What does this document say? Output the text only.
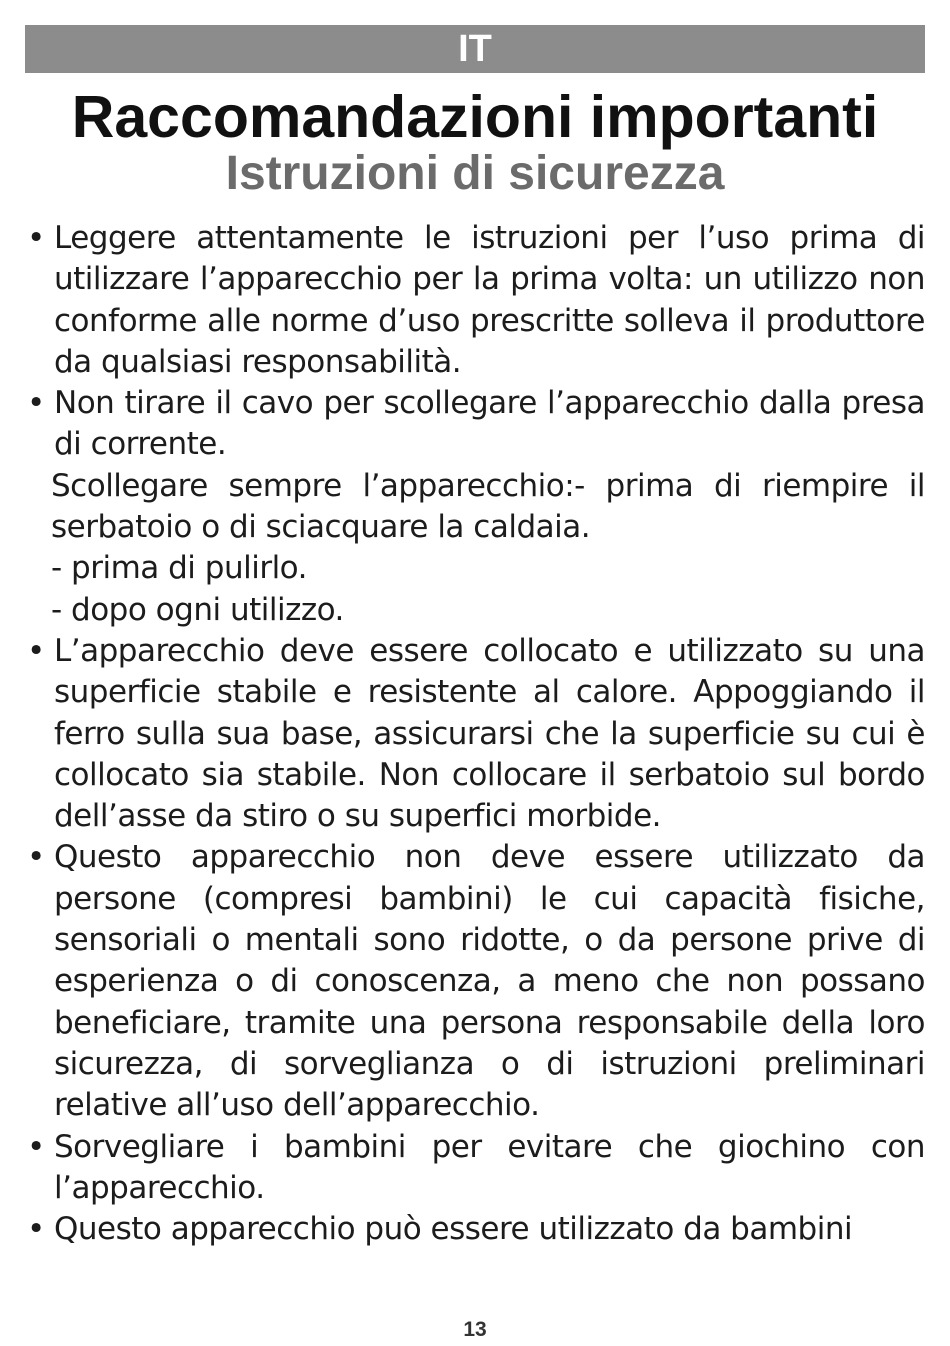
IT
Raccomandazioni importanti
Istruzioni di sicurezza
• Leggere attentamente le istruzioni per l’uso prima di utilizzare l’apparecchio per la prima volta: un utilizzo non conforme alle norme d’uso prescritte solleva il produttore da qualsiasi responsabilità.
• Non tirare il cavo per scollegare l’apparecchio dalla presa di corrente.
Scollegare sempre l’apparecchio:- prima di riempire il serbatoio o di sciacquare la caldaia.
- prima di pulirlo.
- dopo ogni utilizzo.
• L’apparecchio deve essere collocato e utilizzato su una superficie stabile e resistente al calore. Appoggiando il ferro sulla sua base, assicurarsi che la superficie su cui è collocato sia stabile. Non collocare il serbatoio sul bordo dell’asse da stiro o su superfici morbide.
• Questo apparecchio non deve essere utilizzato da persone (compresi bambini) le cui capacità fisiche, sensoriali o mentali sono ridotte, o da persone prive di esperienza o di conoscenza, a meno che non possano beneficiare, tramite una persona responsabile della loro sicurezza, di sorveglianza o di istruzioni preliminari relative all’uso dell’apparecchio.
• Sorvegliare i bambini per evitare che giochino con l’apparecchio.
• Questo apparecchio può essere utilizzato da bambini
13
